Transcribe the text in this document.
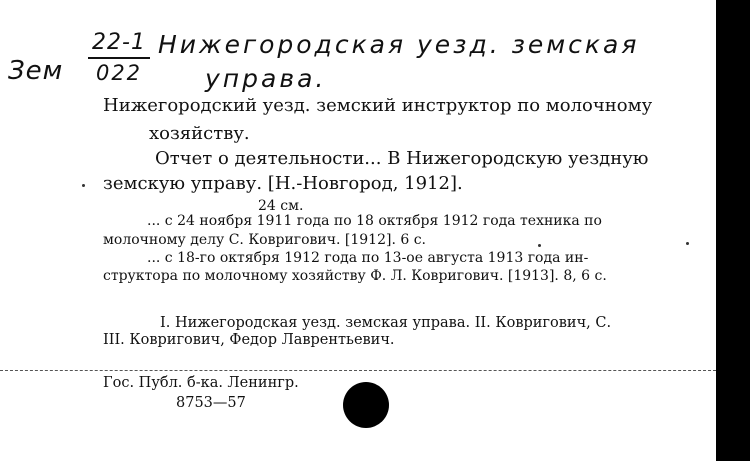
Зем
22-1
022
Нижегородская уезд. земская
управа.
Нижегородский уезд. земский инструктор по молочному
хозяйству.
Отчет о деятельности... В Нижегородскую уездную
земскую управу. [Н.-Новгород, 1912].
24 см.
... с 24 ноября 1911 года по 18 октября 1912 года техника по
молочному делу С. Ковригович. [1912]. 6 с.
... с 18-го октября 1912 года по 13-ое августа 1913 года ин-
структора по молочному хозяйству Ф. Л. Ковригович. [1913]. 8, 6 с.
I. Нижегородская уезд. земская управа. II. Ковригович, С.
III. Ковригович, Федор Лаврентьевич.
Гос. Публ. б-ка. Ленингр.
8753—57
